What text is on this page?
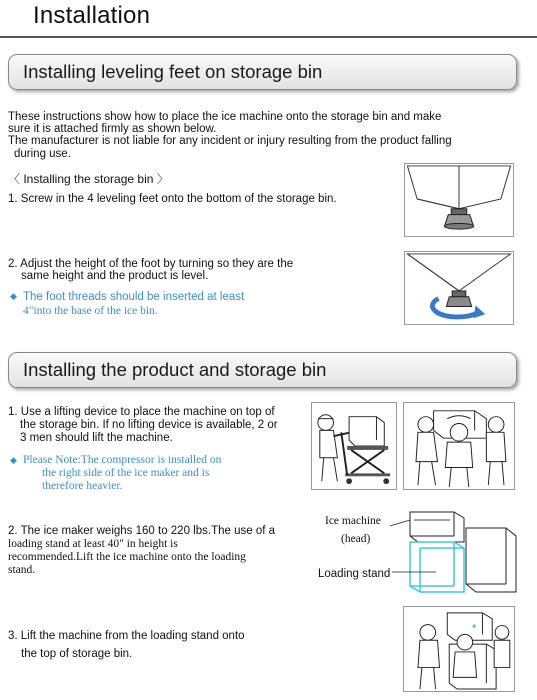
Installation
Installing leveling feet on storage bin
These instructions show how to place the ice machine onto the storage bin and make
sure it is attached firmly as shown below.
The manufacturer is not liable for any incident or injury resulting from the product falling
during use.
〈 Installing the storage bin 〉
1. Screw in the 4 leveling feet onto the bottom of the storage bin.
2. Adjust the height of the foot by turning so they are the
same height and the product is level.
◆ The foot threads should be inserted at least
4"into the base of the ice bin.
Installing the product and storage bin
1. Use a lifting device to place the machine on top of
the storage bin. If no lifting device is available, 2 or
3 men should lift the machine.
◆ Please Note:The compressor is installed on
the right side of the ice maker and is
therefore heavier.
2. The ice maker weighs 160 to 220 lbs.The use of a
loading stand at least 40" in height is
recommended.Lift the ice machine onto the loading
stand.
Ice machine
(head)
Loading stand
3. Lift the machine from the loading stand onto
the top of storage bin.
